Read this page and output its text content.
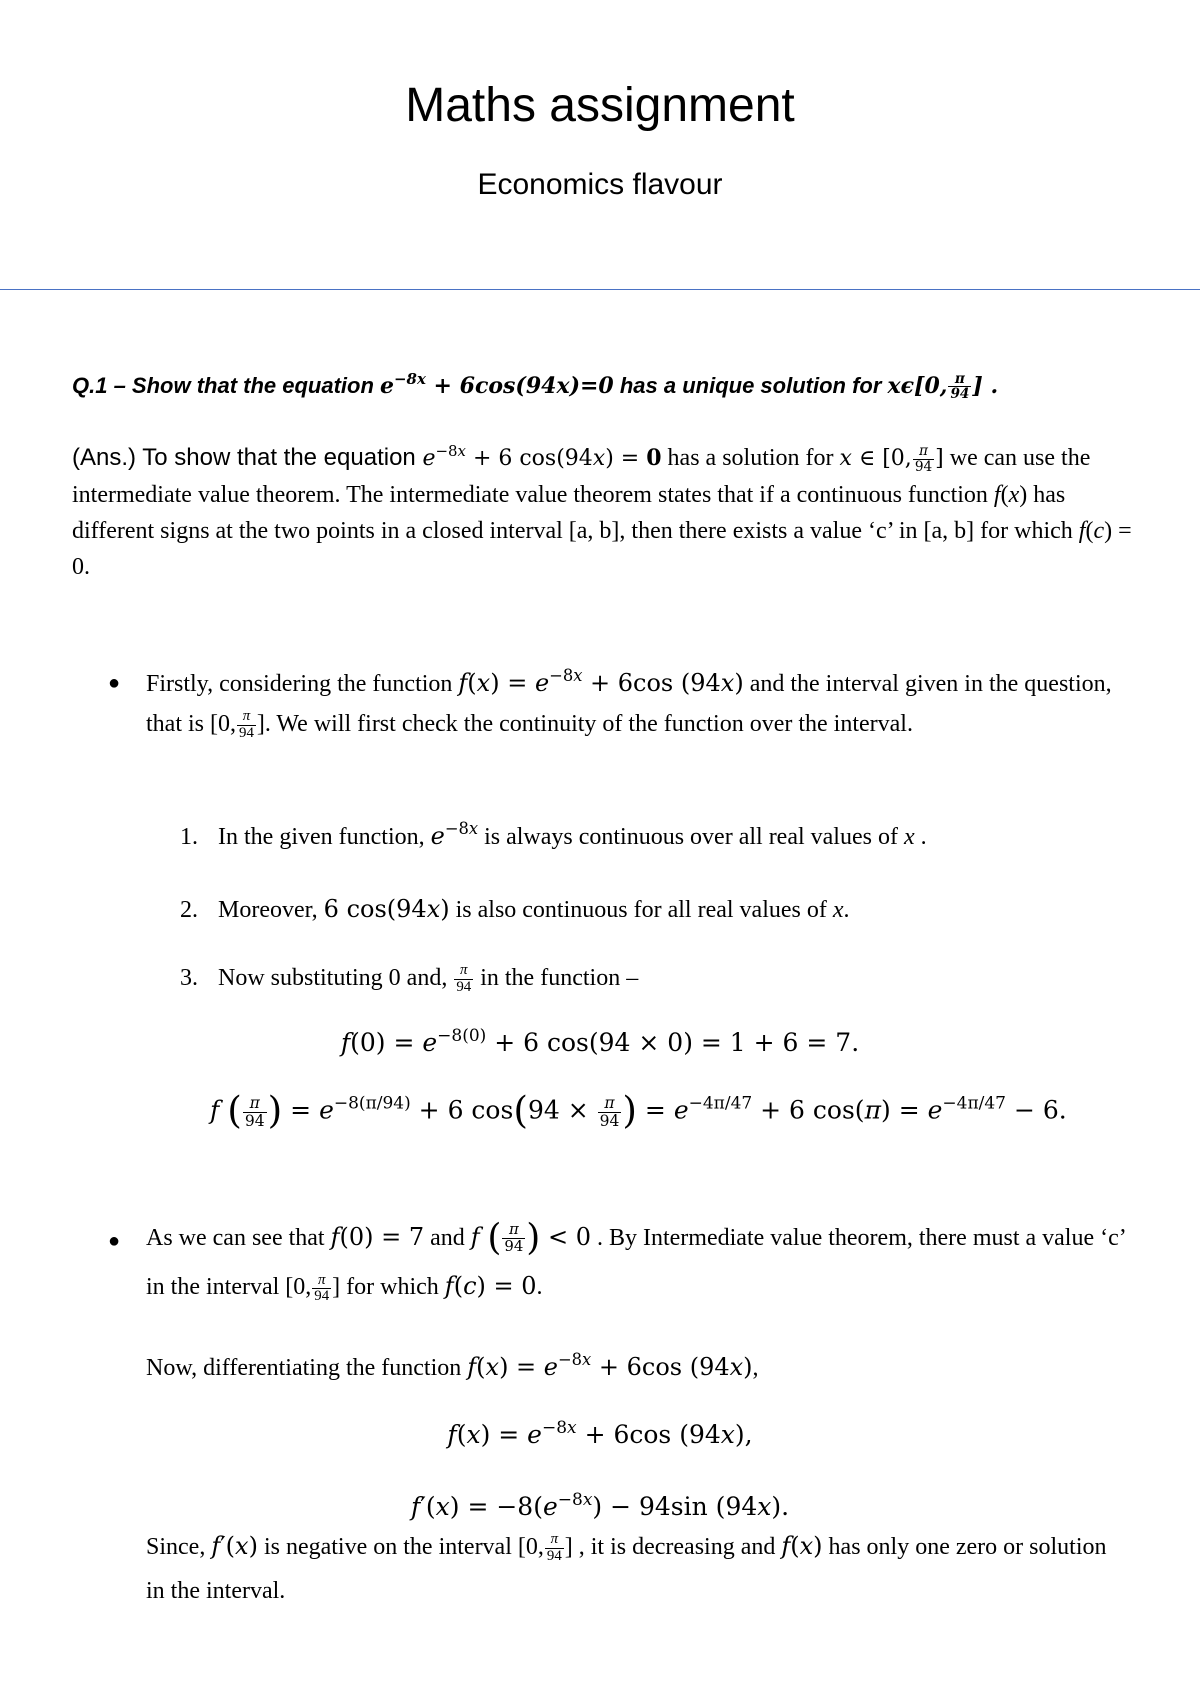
Maths assignment
Economics flavour
Q.1 – Show that the equation $e^{-8x} + 6\cos(94x)=0$ has a unique solution for xϵ[0, $\frac{\pi}{94}$ ] .

(Ans.) To show that the equation $e^{-8x} + 6$ cos(94x) = 0 has a solution for x ∈ [0, $\frac{\pi}{94}$ ] we can use the intermediate value theorem. The intermediate value theorem states that if a continuous function f(x) has different signs at the two points in a closed interval [a, b], then there exists a value ‘c’ in [a, b] for which f(c) = 0.

● Firstly, considering the function $f(x) = e^{-8x} + 6\cos$ (94x) and the interval given in the question, that is [0, $\frac{\pi}{94}$ ]. We will first check the continuity of the function over the interval.
1. In the given function, $e^{-8x}$ is always continuous over all real values of x .
2. Moreover, 6 cos(94x) is also continuous for all real values of x.
3. Now substituting 0 and, $\frac{\pi}{94}$ in the function –
$f(0) = e^{-8(0)} + 6$ cos(94 × 0) = 1 + 6 = 7.
f ( $\frac{\pi}{94}$ ) = $e^{-8(\pi/94)} + 6$ $\cos(94 \times \frac{\pi}{94}$ ) = $e^{-4\pi/47} + 6$ $\cos(\pi) = e^{-4\pi/47} - 6$.
● As we can see that f(0) = 7 and f ( $\frac{\pi}{94}$ ) < 0 . By Intermediate value theorem, there must a value ‘c’ in the interval [0, $\frac{\pi}{94}$ ] for which f(c) = 0.
Now, differentiating the function $f(x) = e^{-8x} + 6\cos$ (94x),
$f(x) = e^{-8x} + 6\cos$ (94x),
$f'(x) = -8(e^{-8x}) - 94\sin$ (94x).
Since, f′(x) is negative on the interval [0, $\frac{\pi}{94}$ ] , it is decreasing and f(x) has only one zero or solution in the interval.
